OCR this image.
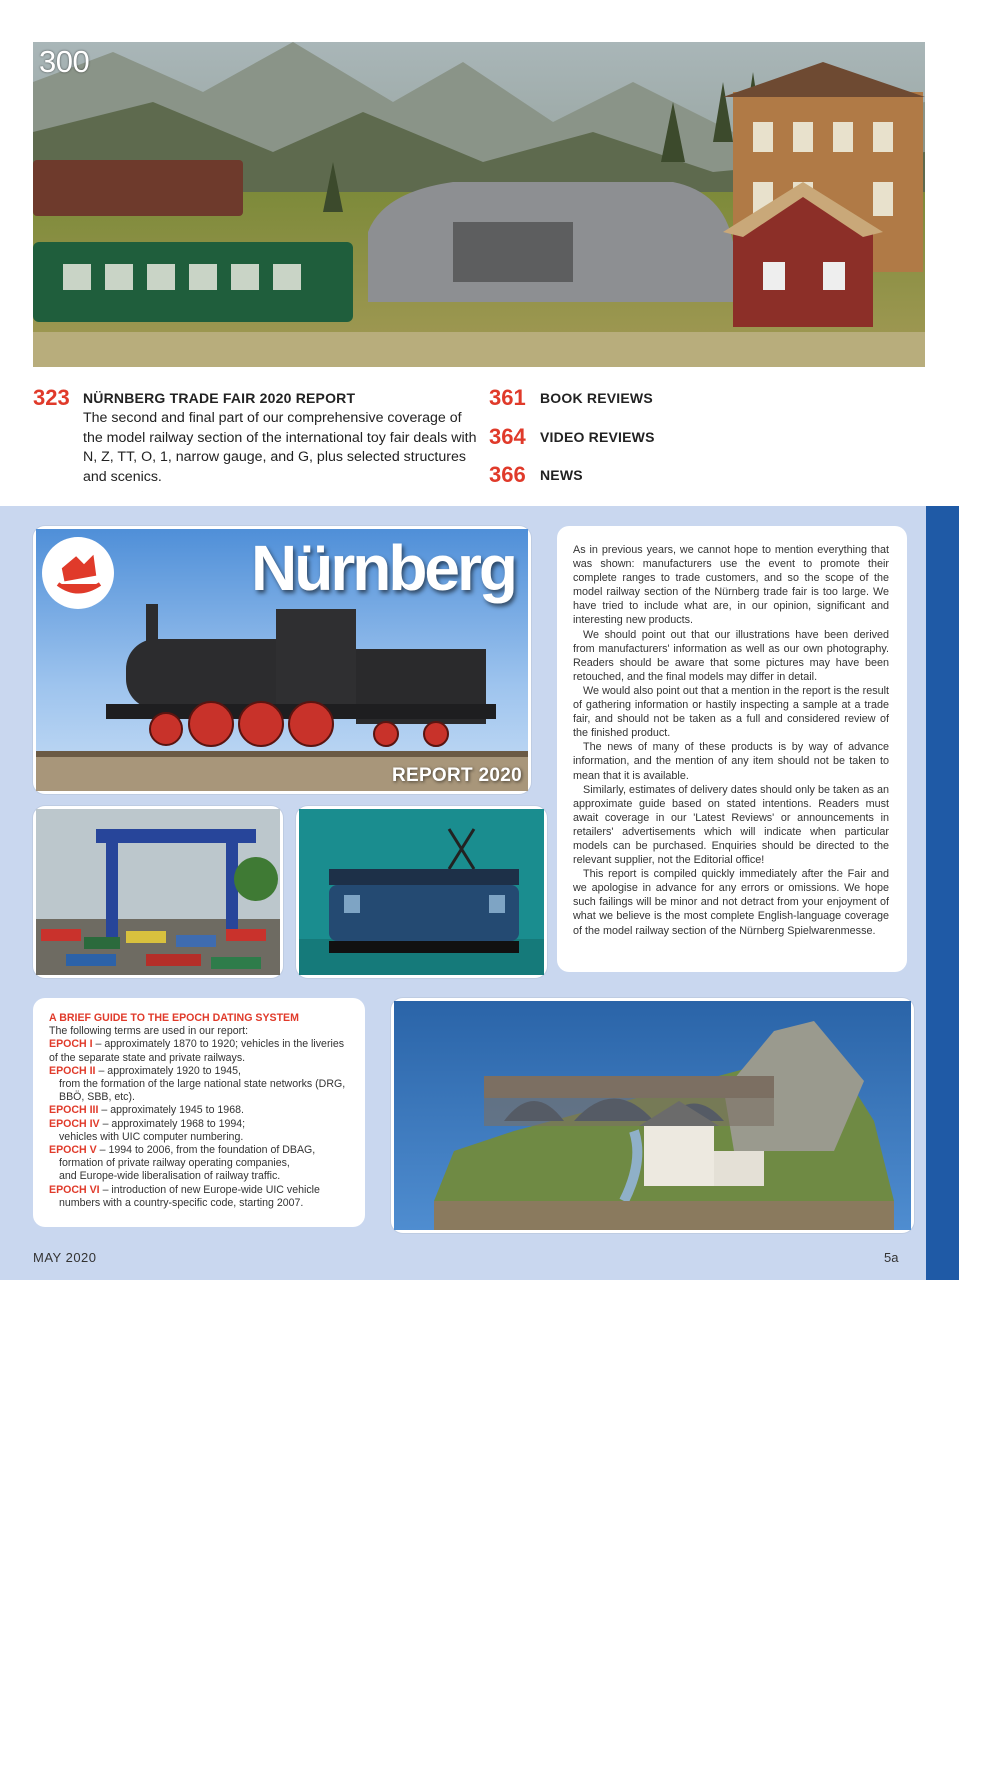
300
323 NÜRNBERG TRADE FAIR 2020 REPORT
The second and final part of our comprehensive coverage of the model railway section of the international toy fair deals with N, Z, TT, O, 1, narrow gauge, and G, plus selected structures and scenics.
361 BOOK REVIEWS
364 VIDEO REVIEWS
366 NEWS
Nürnberg 2020
Nürnberg
REPORT 2020

As in previous years, we cannot hope to mention everything that was shown: manufacturers use the event to promote their complete ranges to trade customers, and so the scope of the model railway section of the Nürnberg trade fair is too large. We have tried to include what are, in our opinion, significant and interesting new products.

We should point out that our illustrations have been derived from manufacturers' information as well as our own photography. Readers should be aware that some pictures may have been retouched, and the final models may differ in detail.

We would also point out that a mention in the report is the result of gathering information or hastily inspecting a sample at a trade fair, and should not be taken as a full and considered review of the finished product.

The news of many of these products is by way of advance information, and the mention of any item should not be taken to mean that it is available.

Similarly, estimates of delivery dates should only be taken as an approximate guide based on stated intentions. Readers must await coverage in our 'Latest Reviews' or announcements in retailers' advertisements which will indicate when particular models can be purchased. Enquiries should be directed to the relevant supplier, not the Editorial office!

This report is compiled quickly immediately after the Fair and we apologise in advance for any errors or omissions. We hope such failings will be minor and not detract from your enjoyment of what we believe is the most complete English-language coverage of the model railway section of the Nürnberg Spielwarenmesse.

A BRIEF GUIDE TO THE EPOCH DATING SYSTEM
The following terms are used in our report:
EPOCH I – approximately 1870 to 1920; vehicles in the liveries of the separate state and private railways.
EPOCH II – approximately 1920 to 1945,
from the formation of the large national state networks (DRG, BBÖ, SBB, etc).
EPOCH III – approximately 1945 to 1968.
EPOCH IV – approximately 1968 to 1994;
vehicles with UIC computer numbering.
EPOCH V – 1994 to 2006, from the foundation of DBAG,
formation of private railway operating companies,
and Europe-wide liberalisation of railway traffic.
EPOCH VI – introduction of new Europe-wide UIC vehicle
numbers with a country-specific code, starting 2007.
MAY 2020	5a
